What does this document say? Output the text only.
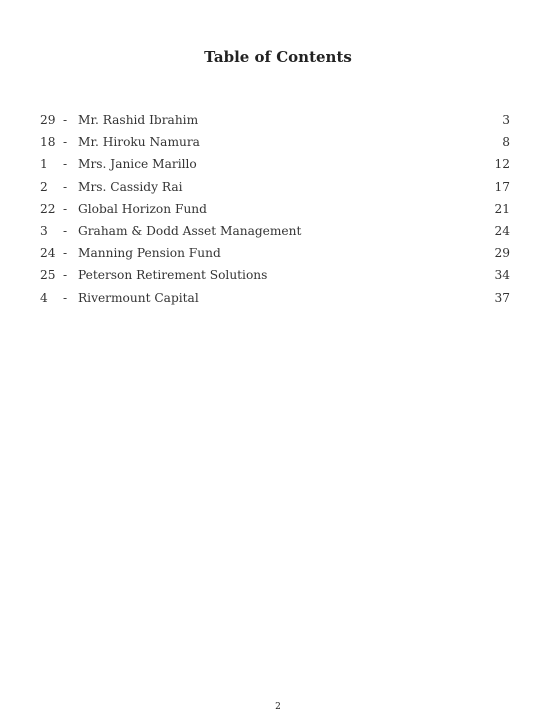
Table of Contents
29 - Mr. Rashid Ibrahim	3
18 - Mr. Hiroku Namura	8
1 - Mrs. Janice Marillo	12
2 - Mrs. Cassidy Rai	17
22 - Global Horizon Fund	21
3 - Graham & Dodd Asset Management	24
24 - Manning Pension Fund	29
25 - Peterson Retirement Solutions	34
4 - Rivermount Capital	37
2
